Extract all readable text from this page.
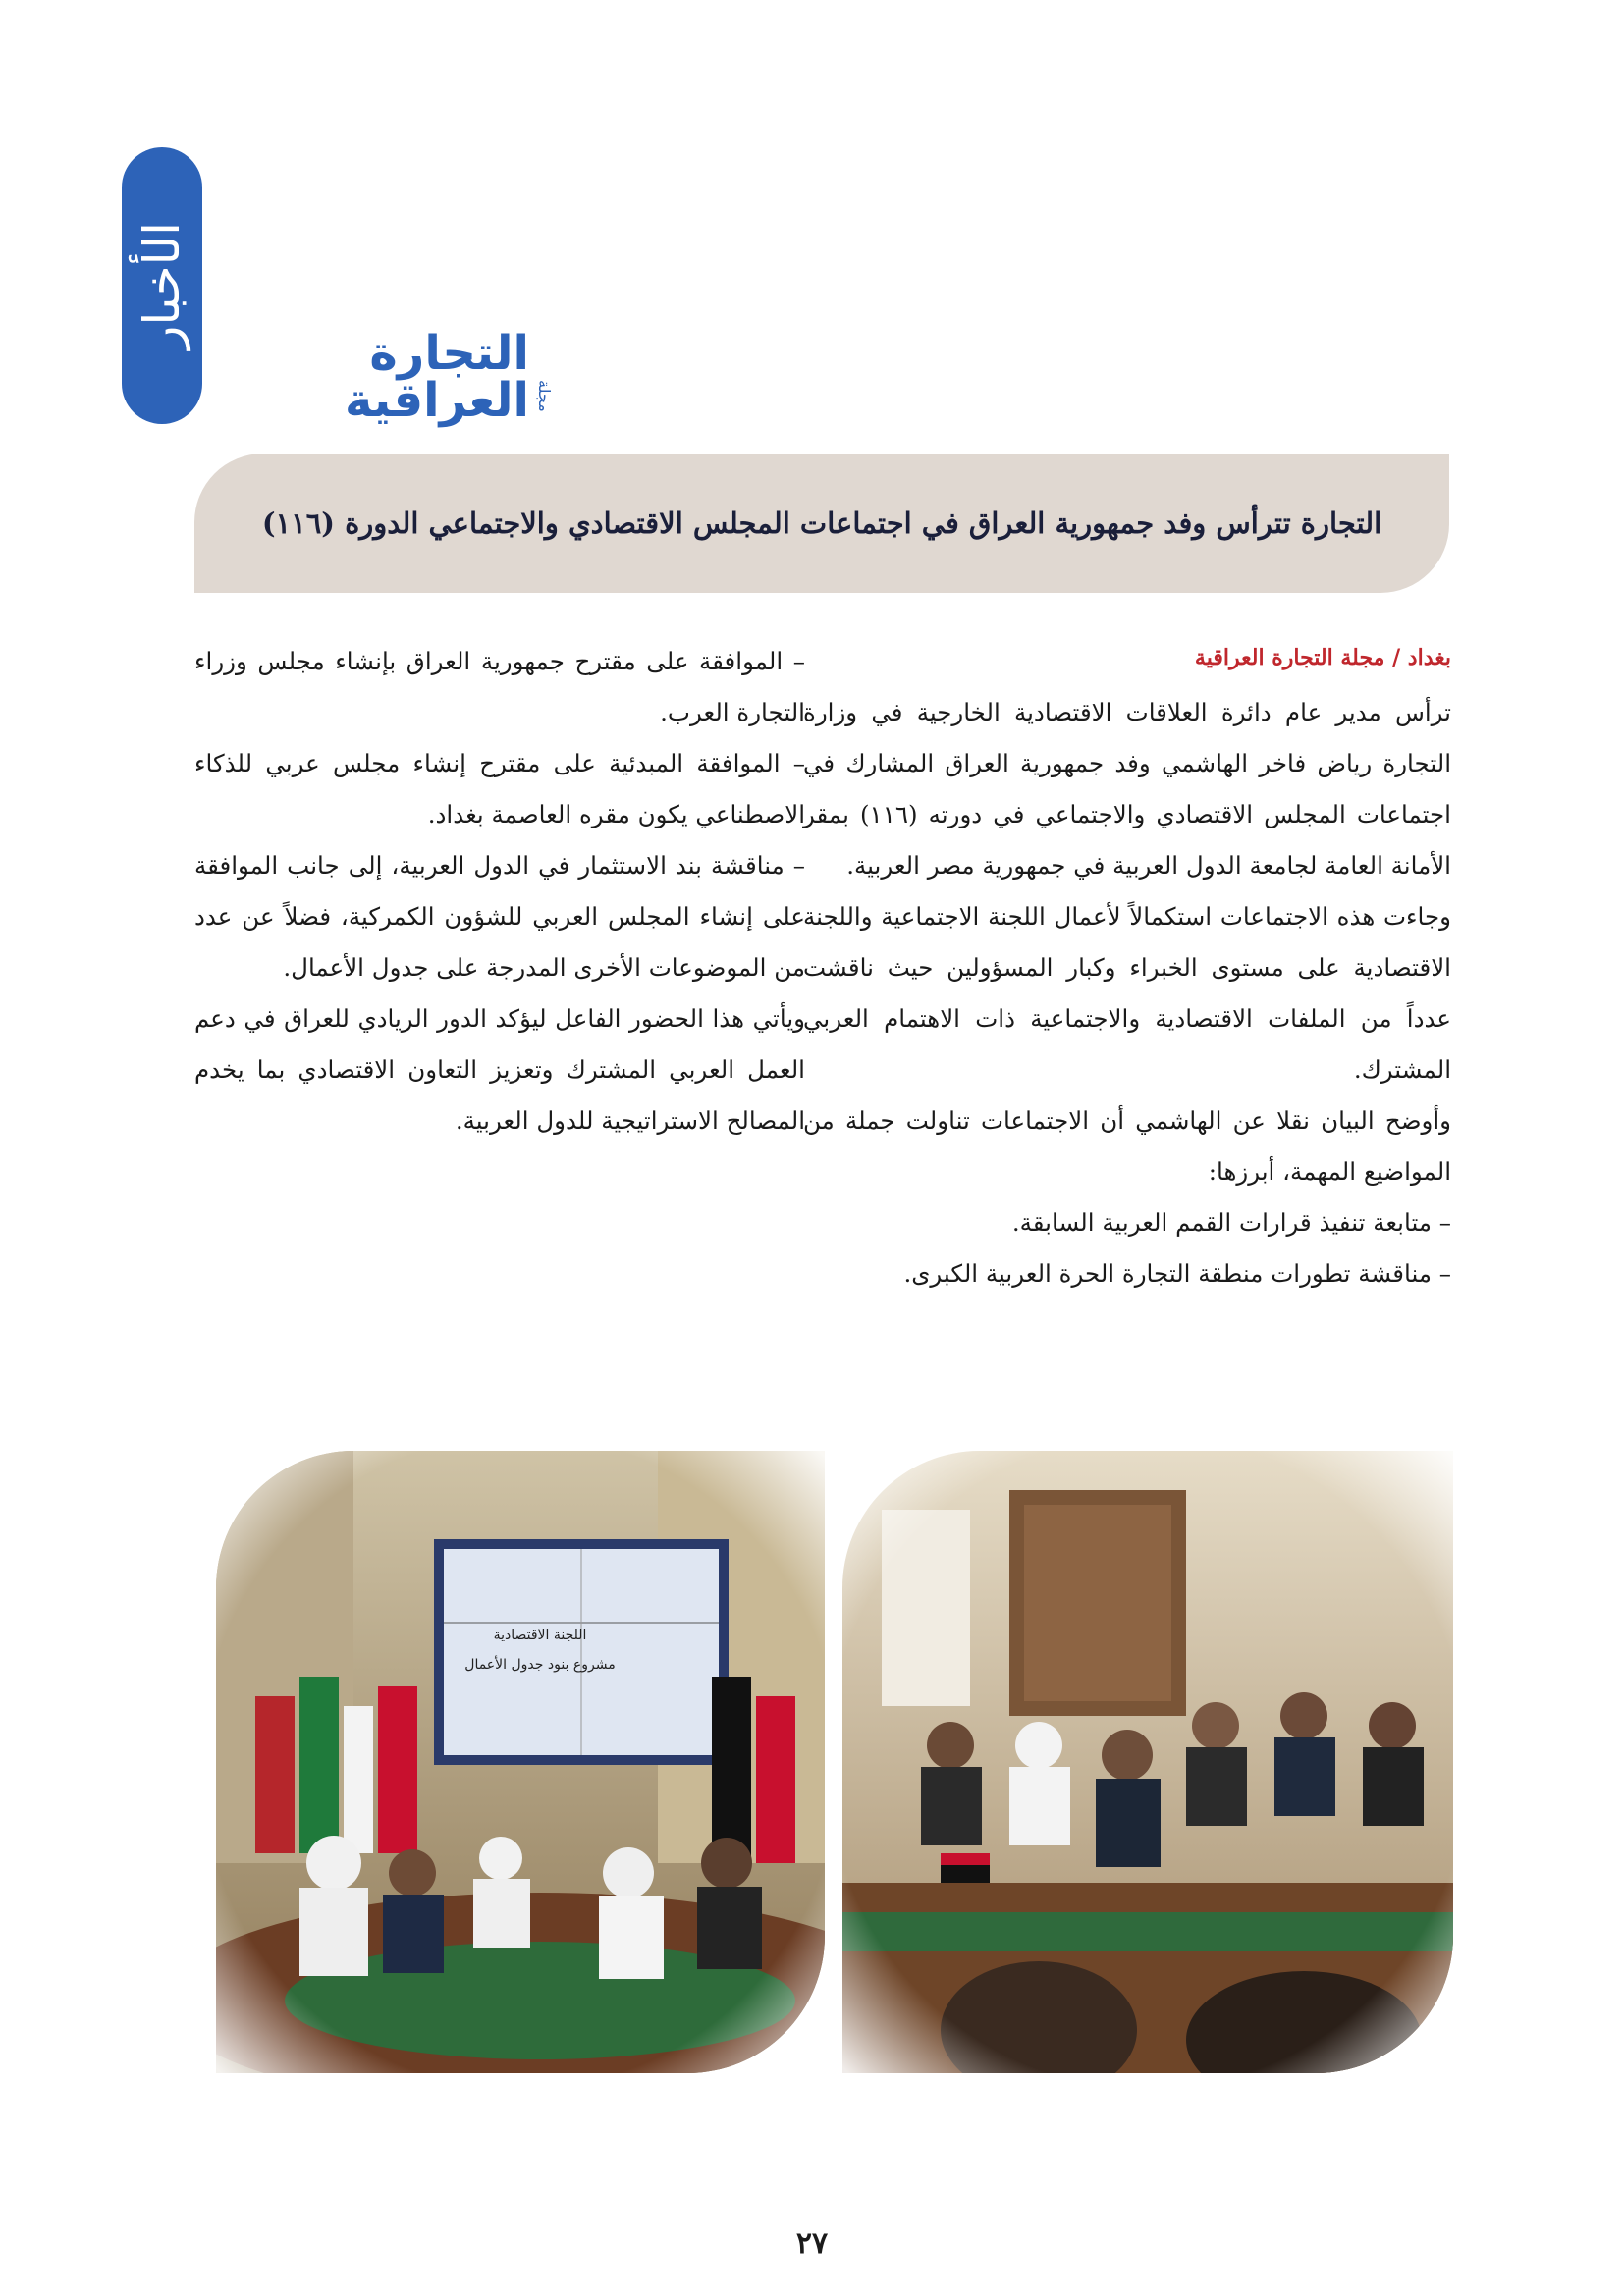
الأخبار
مجلة
التجارة العراقية
التجارة تترأس وفد جمهورية العراق في اجتماعات المجلس الاقتصادي والاجتماعي الدورة (١١٦)

بغداد / مجلة التجارة العراقية

ترأس مدير عام دائرة العلاقات الاقتصادية الخارجية في وزارة التجارة رياض فاخر الهاشمي وفد جمهورية العراق المشارك في اجتماعات المجلس الاقتصادي والاجتماعي في دورته (١١٦) بمقر الأمانة العامة لجامعة الدول العربية في جمهورية مصر العربية.

وجاءت هذه الاجتماعات استكمالاً لأعمال اللجنة الاجتماعية واللجنة الاقتصادية على مستوى الخبراء وكبار المسؤولين حيث ناقشت عدداً من الملفات الاقتصادية والاجتماعية ذات الاهتمام العربي المشترك.

وأوضح البيان نقلا عن الهاشمي أن الاجتماعات تناولت جملة من المواضيع المهمة، أبرزها:

– متابعة تنفيذ قرارات القمم العربية السابقة.

– مناقشة تطورات منطقة التجارة الحرة العربية الكبرى.

– الموافقة على مقترح جمهورية العراق بإنشاء مجلس وزراء التجارة العرب.

– الموافقة المبدئية على مقترح إنشاء مجلس عربي للذكاء الاصطناعي يكون مقره العاصمة بغداد.

– مناقشة بند الاستثمار في الدول العربية، إلى جانب الموافقة على إنشاء المجلس العربي للشؤون الكمركية، فضلاً عن عدد من الموضوعات الأخرى المدرجة على جدول الأعمال.

ويأتي هذا الحضور الفاعل ليؤكد الدور الريادي للعراق في دعم العمل العربي المشترك وتعزيز التعاون الاقتصادي بما يخدم المصالح الاستراتيجية للدول العربية.

٢٧
